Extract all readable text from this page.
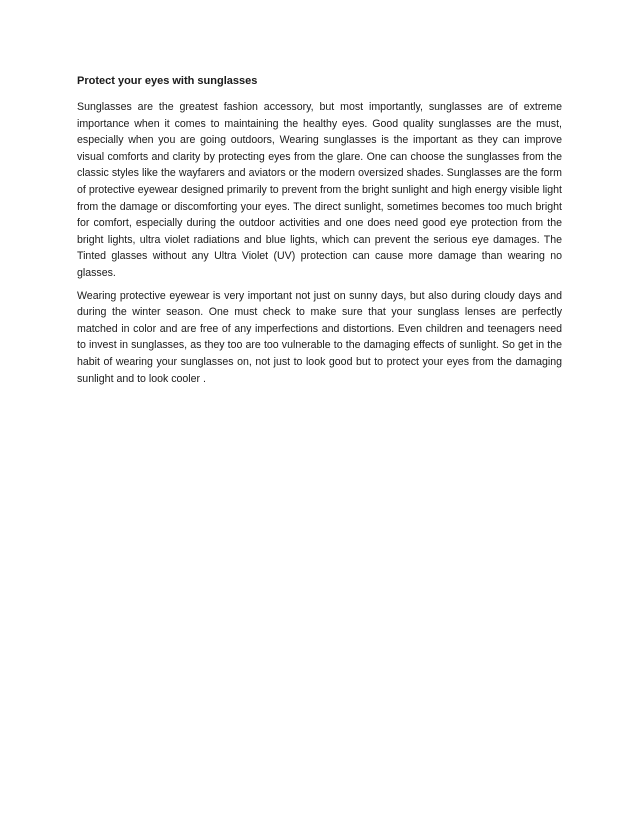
Protect your eyes with sunglasses

Sunglasses are the greatest fashion accessory, but most importantly, sunglasses are of extreme importance when it comes to maintaining the healthy eyes. Good quality sunglasses are the must, especially when you are going outdoors, Wearing sunglasses is the important as they can improve visual comforts and clarity by protecting eyes from the glare. One can choose the sunglasses from the classic styles like the wayfarers and aviators or the modern oversized shades. Sunglasses are the form of protective eyewear designed primarily to prevent from the bright sunlight and high energy visible light from the damage or discomforting your eyes. The direct sunlight, sometimes becomes too much bright for comfort, especially during the outdoor activities and one does need good eye protection from the bright lights, ultra violet radiations and blue lights, which can prevent the serious eye damages. The Tinted glasses without any Ultra Violet (UV) protection can cause more damage than wearing no glasses.

Wearing protective eyewear is very important not just on sunny days, but also during cloudy days and during the winter season. One must check to make sure that your sunglass lenses are perfectly matched in color and are free of any imperfections and distortions. Even children and teenagers need to invest in sunglasses, as they too are too vulnerable to the damaging effects of sunlight. So get in the habit of wearing your sunglasses on, not just to look good but to protect your eyes from the damaging sunlight and to look cooler .
